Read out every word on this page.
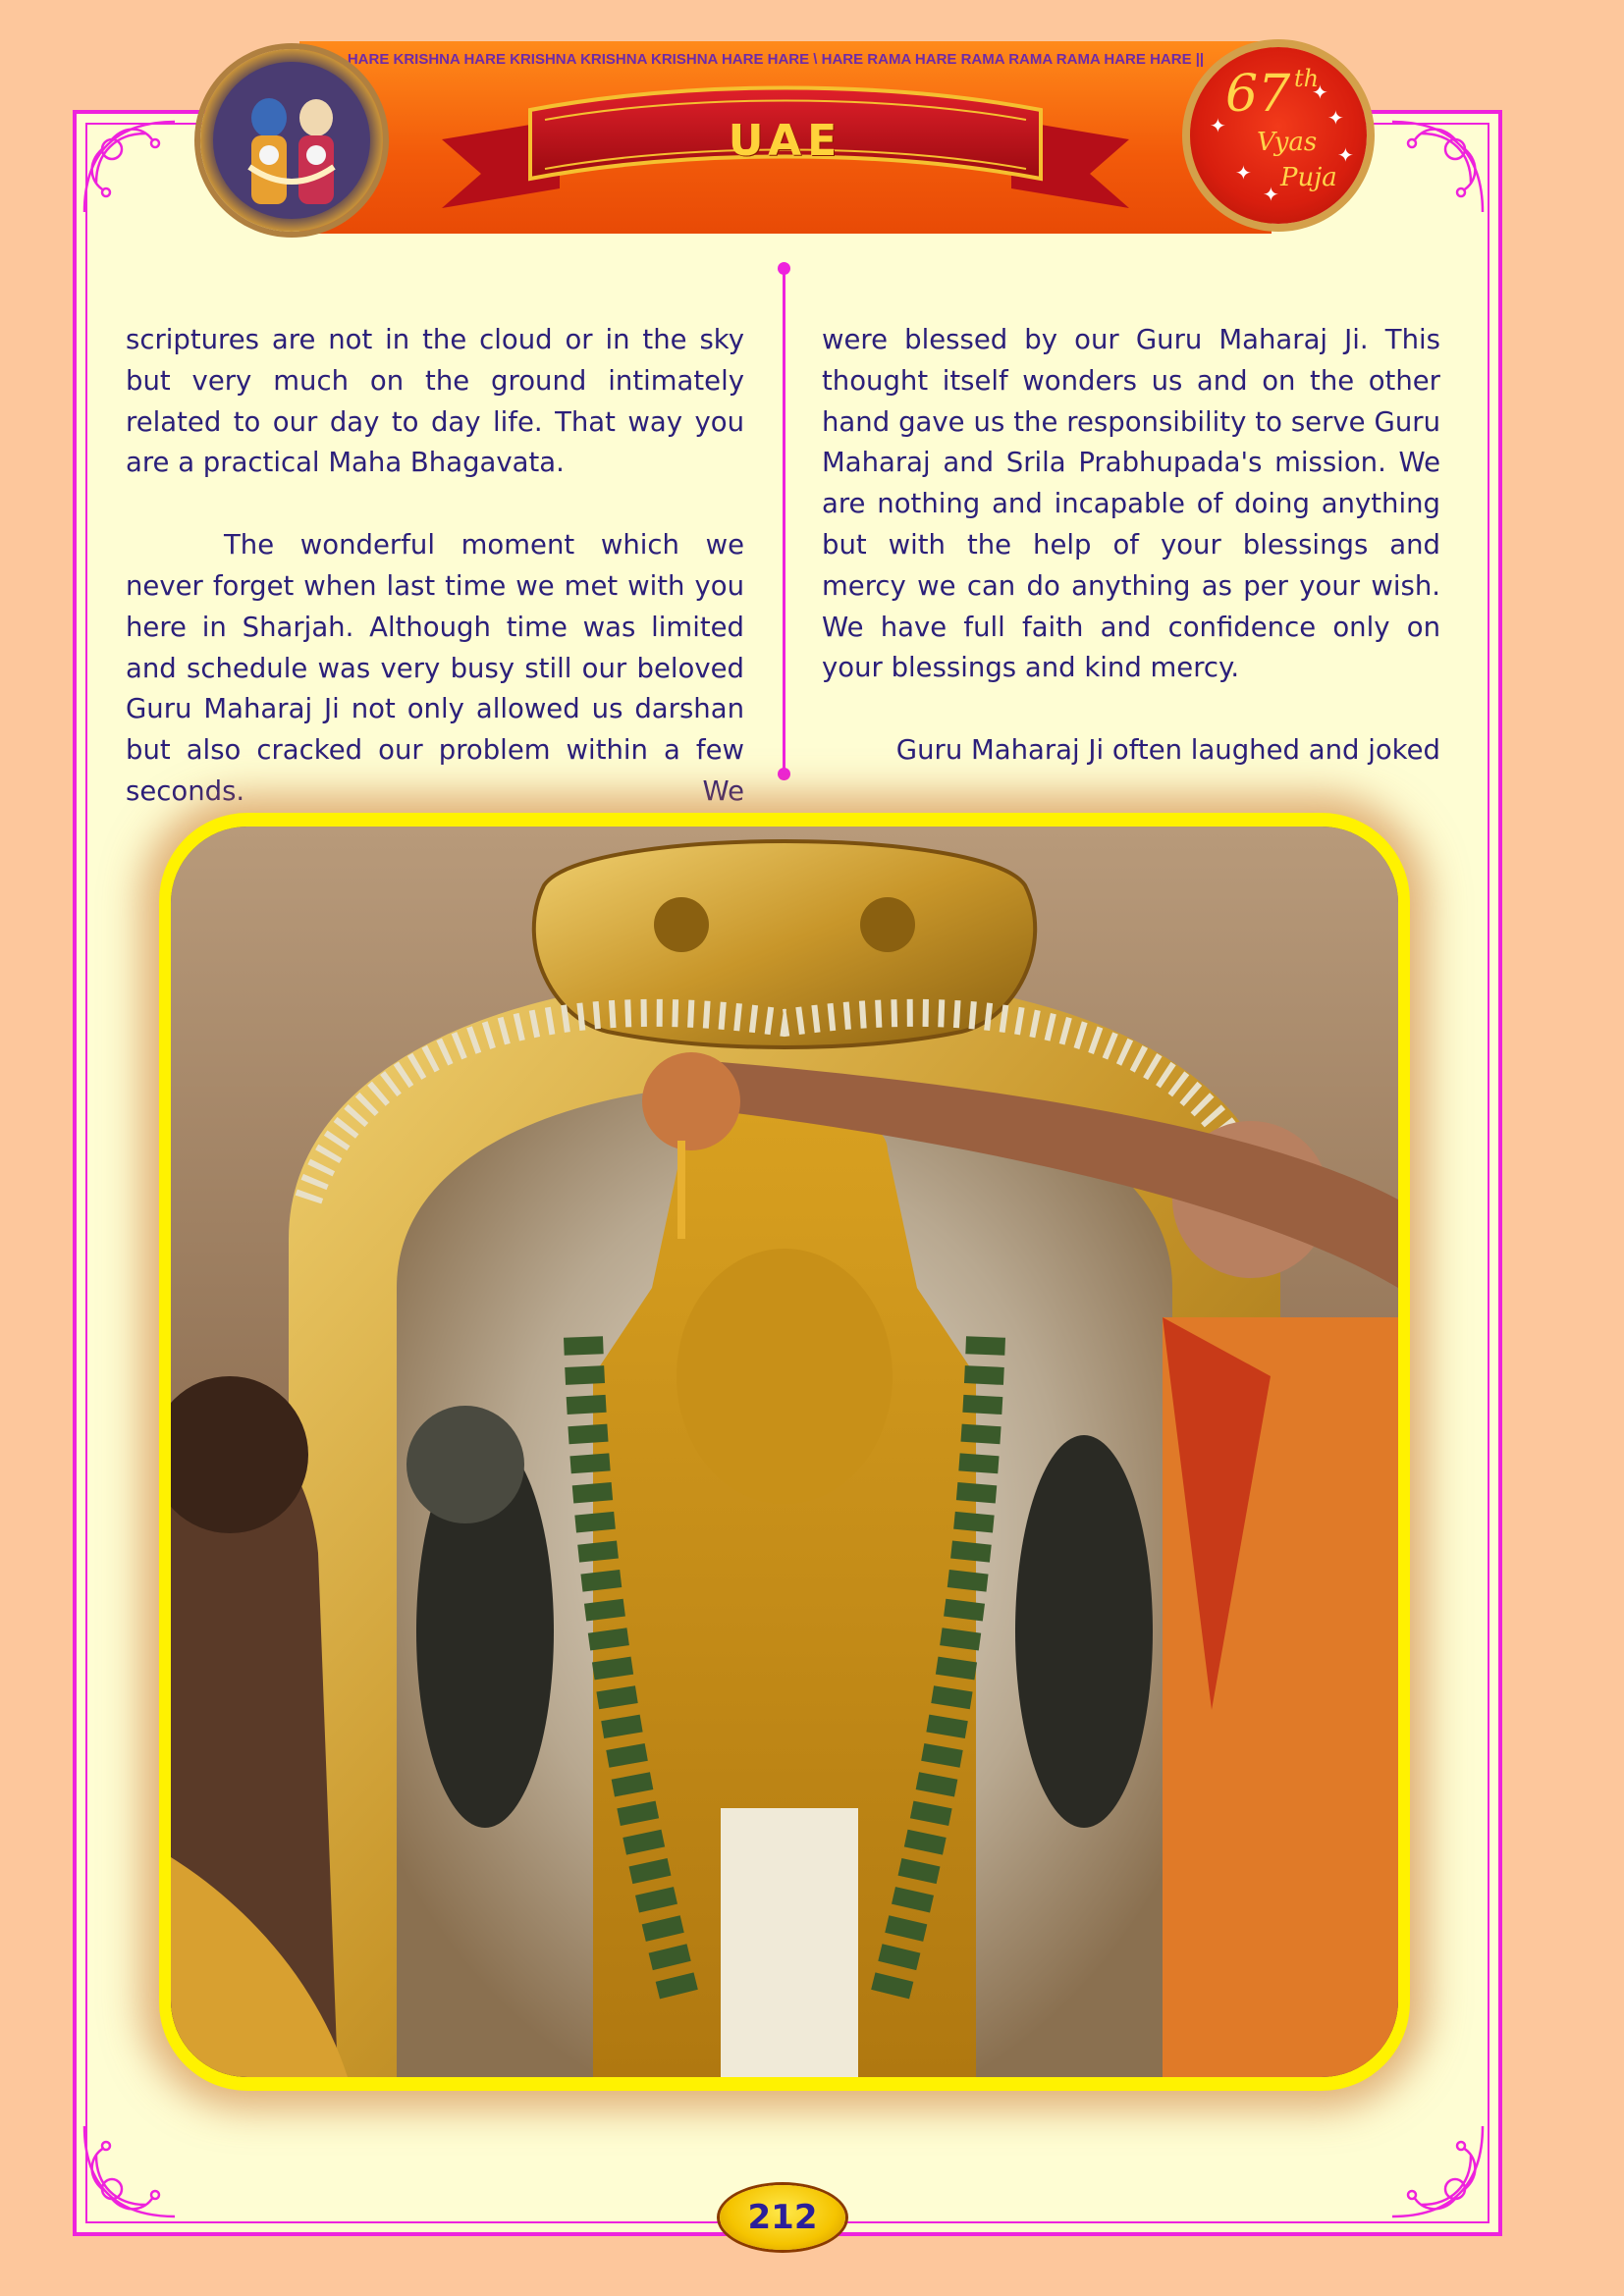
HARE KRISHNA HARE KRISHNA KRISHNA KRISHNA HARE HARE \ HARE RAMA HARE RAMA RAMA RAMA HARE HARE ||
UAE
67 th
Vyas
Puja
✦	✦
✦
✦
✦
✦

scriptures are not in the cloud or in the sky but very much on the ground intimately related to our day to day life. That way you are a practical Maha Bhagavata.

The wonderful moment which we never forget when last time we met with you here in Sharjah. Although time was limited and schedule was very busy still our beloved Guru Maharaj Ji not only allowed us darshan but also cracked our problem within a few seconds. We

were blessed by our Guru Maharaj Ji. This thought itself wonders us and on the other hand gave us the responsibility to serve Guru Maharaj and Srila Prabhupada's mission. We are nothing and incapable of doing anything but with the help of your blessings and mercy we can do anything as per your wish. We have full faith and confidence only on your blessings and kind mercy.

Guru Maharaj Ji often laughed and joked

212
